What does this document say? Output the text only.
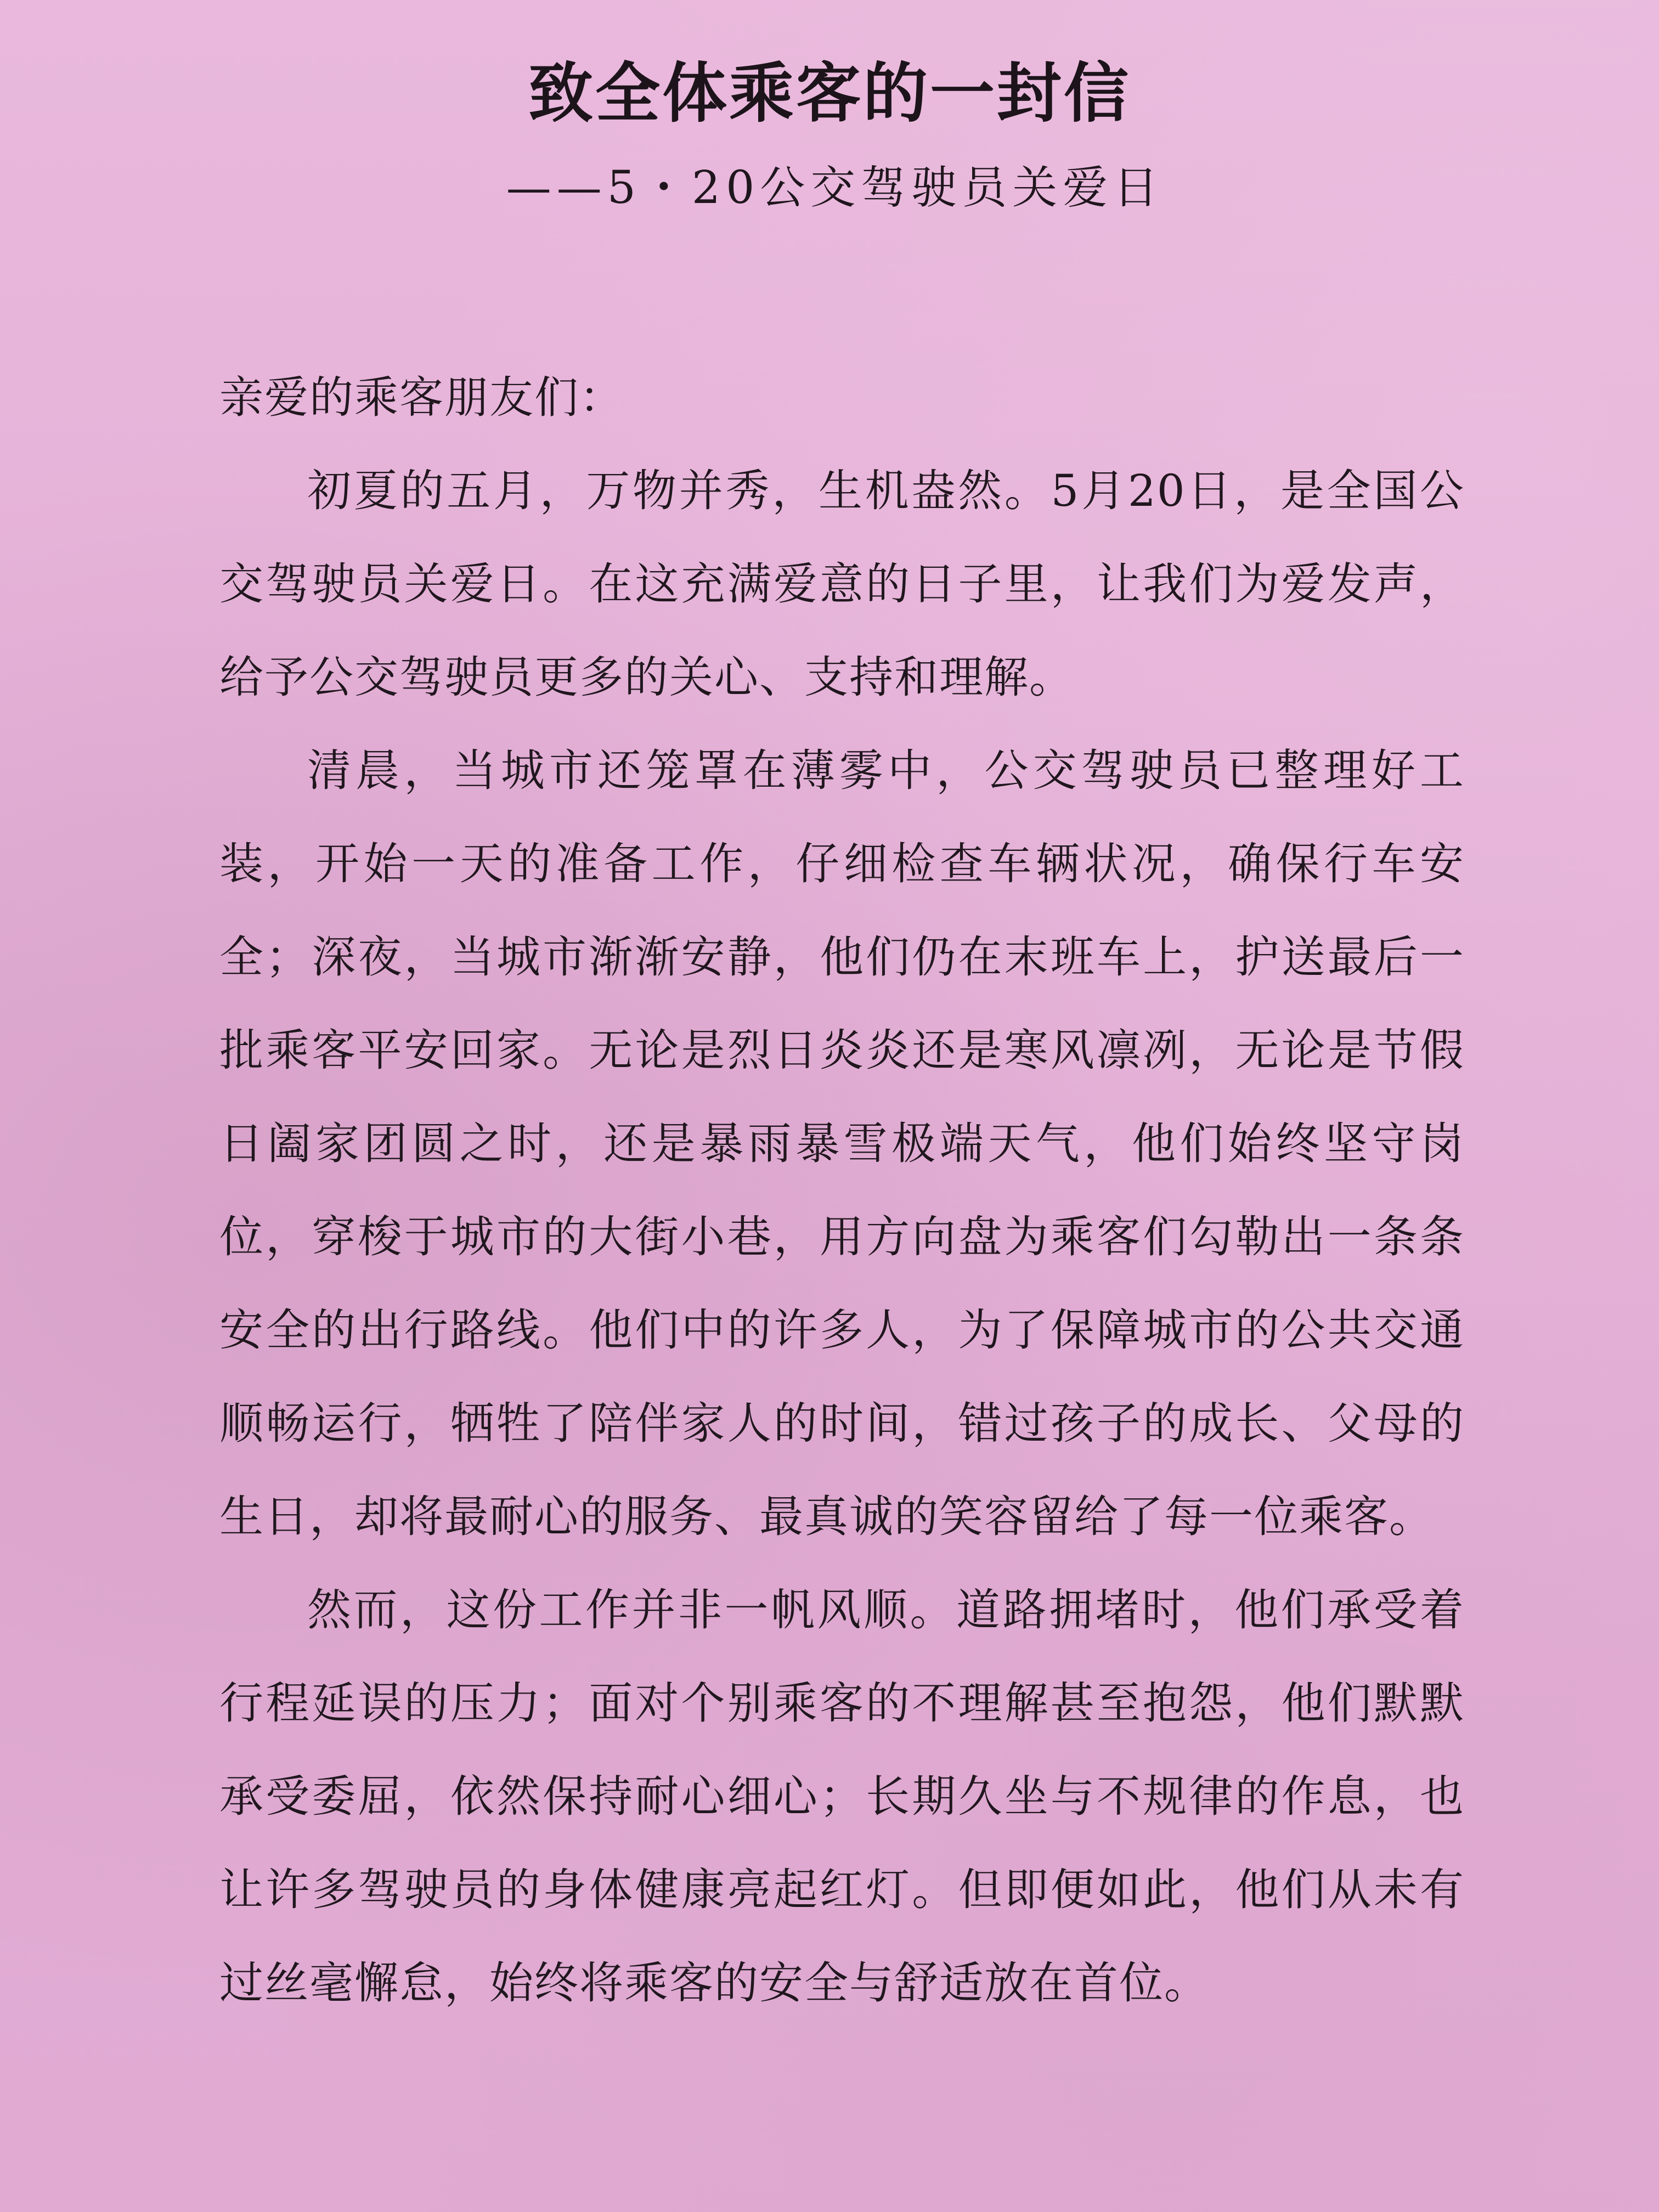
致全体乘客的一封信
——5・20公交驾驶员关爱日

亲爱的乘客朋友们：

初夏的五月，万物并秀，生机盎然。5月20日，是全国公交驾驶员关爱日。在这充满爱意的日子里，让我们为爱发声，给予公交驾驶员更多的关心、支持和理解。

清晨，当城市还笼罩在薄雾中，公交驾驶员已整理好工装，开始一天的准备工作，仔细检查车辆状况，确保行车安全；深夜，当城市渐渐安静，他们仍在末班车上，护送最后一批乘客平安回家。无论是烈日炎炎还是寒风凛冽，无论是节假日阖家团圆之时，还是暴雨暴雪极端天气，他们始终坚守岗位，穿梭于城市的大街小巷，用方向盘为乘客们勾勒出一条条安全的出行路线。他们中的许多人，为了保障城市的公共交通顺畅运行，牺牲了陪伴家人的时间，错过孩子的成长、父母的生日，却将最耐心的服务、最真诚的笑容留给了每一位乘客。

然而，这份工作并非一帆风顺。道路拥堵时，他们承受着行程延误的压力；面对个别乘客的不理解甚至抱怨，他们默默承受委屈，依然保持耐心细心；长期久坐与不规律的作息，也让许多驾驶员的身体健康亮起红灯。但即便如此，他们从未有过丝毫懈怠，始终将乘客的安全与舒适放在首位。
